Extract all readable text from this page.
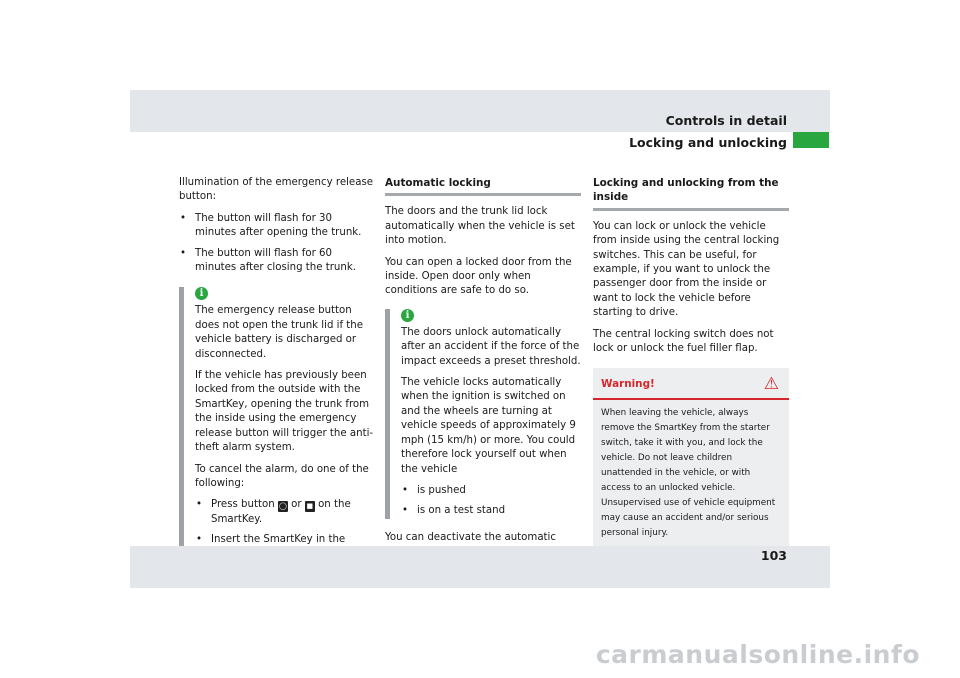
Controls in detail
Locking and unlocking

Illumination of the emergency release button:

• The button will flash for 30 minutes after opening the trunk.
• The button will flash for 60 minutes after closing the trunk.
i

The emergency release button does not open the trunk lid if the vehicle battery is discharged or disconnected.

If the vehicle has previously been locked from the outside with the SmartKey, opening the trunk from the inside using the emergency release button will trigger the anti-theft alarm system.

To cancel the alarm, do one of the following:

• Press button ◯ or ■ on the SmartKey.
• Insert the SmartKey in the
Automatic locking

The doors and the trunk lid lock automatically when the vehicle is set into motion.

You can open a locked door from the inside. Open door only when conditions are safe to do so.

i

The doors unlock automatically after an accident if the force of the impact exceeds a preset threshold.

The vehicle locks automatically when the ignition is switched on and the wheels are turning at vehicle speeds of approximately 9 mph (15 km/h) or more. You could therefore lock yourself out when the vehicle

• is pushed
• is on a test stand

You can deactivate the automatic

Locking and unlocking from the inside

You can lock or unlock the vehicle from inside using the central locking switches. This can be useful, for example, if you want to unlock the passenger door from the inside or want to lock the vehicle before starting to drive.

The central locking switch does not lock or unlock the fuel filler flap.

Warning!	⚠
When leaving the vehicle, always remove the SmartKey from the starter switch, take it with you, and lock the vehicle. Do not leave children unattended in the vehicle, or with access to an unlocked vehicle. Unsupervised use of vehicle equipment may cause an accident and/or serious personal injury.
103
carmanualsonline.info
